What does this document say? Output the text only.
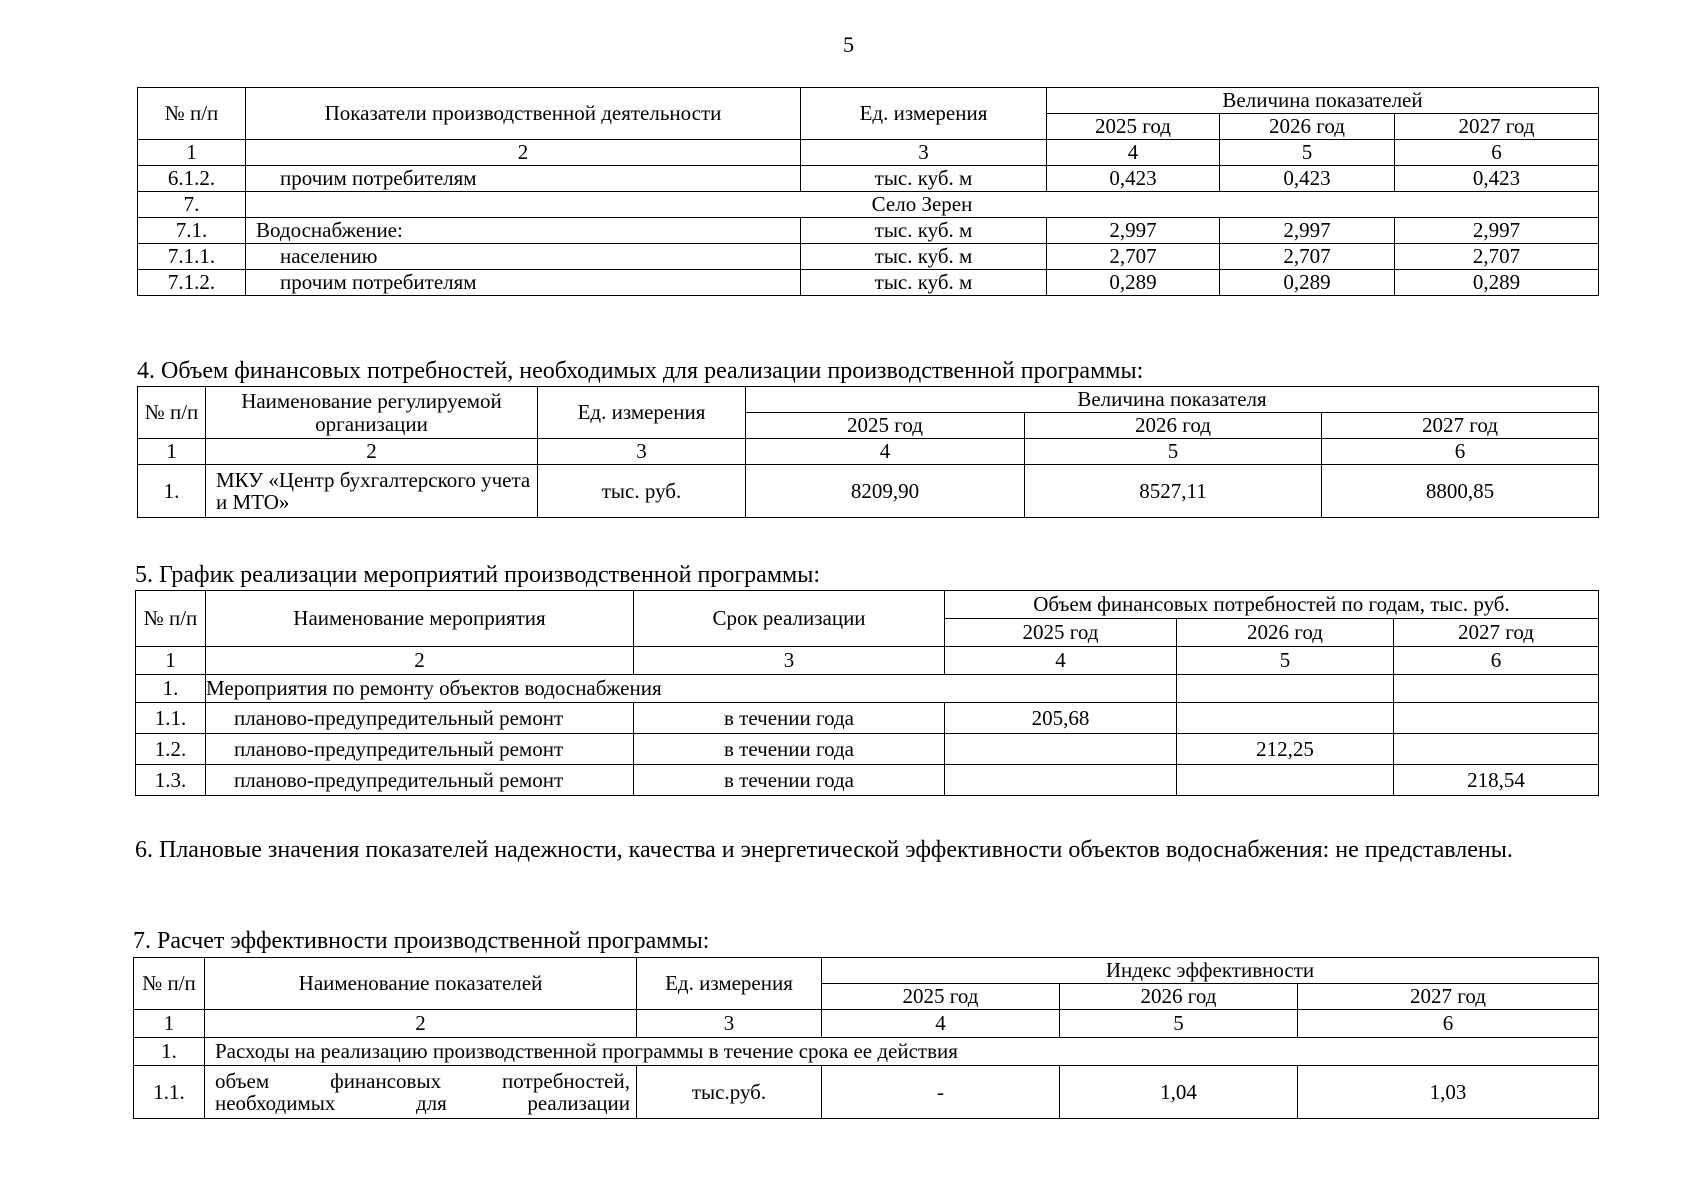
5
№ п/п	Показатели производственной деятельности	Ед. измерения	Величина показателей		
			2025 год	2026 год	2027 год
1	2	3	4	5	6
6.1.2.	прочим потребителям	тыс. куб. м	0,423	0,423	0,423
7.	Село Зерен				
7.1.	Водоснабжение:	тыс. куб. м	2,997	2,997	2,997
7.1.1.	населению	тыс. куб. м	2,707	2,707	2,707
7.1.2.	прочим потребителям	тыс. куб. м	0,289	0,289	0,289
4. Объем финансовых потребностей, необходимых для реализации производственной программы:
№ п/п	Наименование регулируемой организации	Ед. измерения	Величина показателя		
			2025 год	2026 год	2027 год
1	2	3	4	5	6
1.	МКУ «Центр бухгалтерского учета и МТО»	тыс. руб.	8209,90	8527,11	8800,85
5. График реализации мероприятий производственной программы:
№ п/п	Наименование мероприятия	Срок реализации	Объем финансовых потребностей по годам, тыс. руб.		
			2025 год	2026 год	2027 год
1	2	3	4	5	6
1.	Мероприятия по ремонту объектов водоснабжения				
1.1.	планово-предупредительный ремонт	в течении года	205,68		
1.2.	планово-предупредительный ремонт	в течении года		212,25	
1.3.	планово-предупредительный ремонт	в течении года			218,54
6. Плановые значения показателей надежности, качества и энергетической эффективности объектов водоснабжения: не представлены.
7. Расчет эффективности производственной программы:
№ п/п	Наименование показателей	Ед. измерения	Индекс эффективности		
			2025 год	2026 год	2027 год
1	2	3	4	5	6
1.	Расходы на реализацию производственной программы в течение срока ее действия				
1.1.	объем финансовых потребностей, необходимых для реализации	тыс.руб.	-	1,04	1,03
